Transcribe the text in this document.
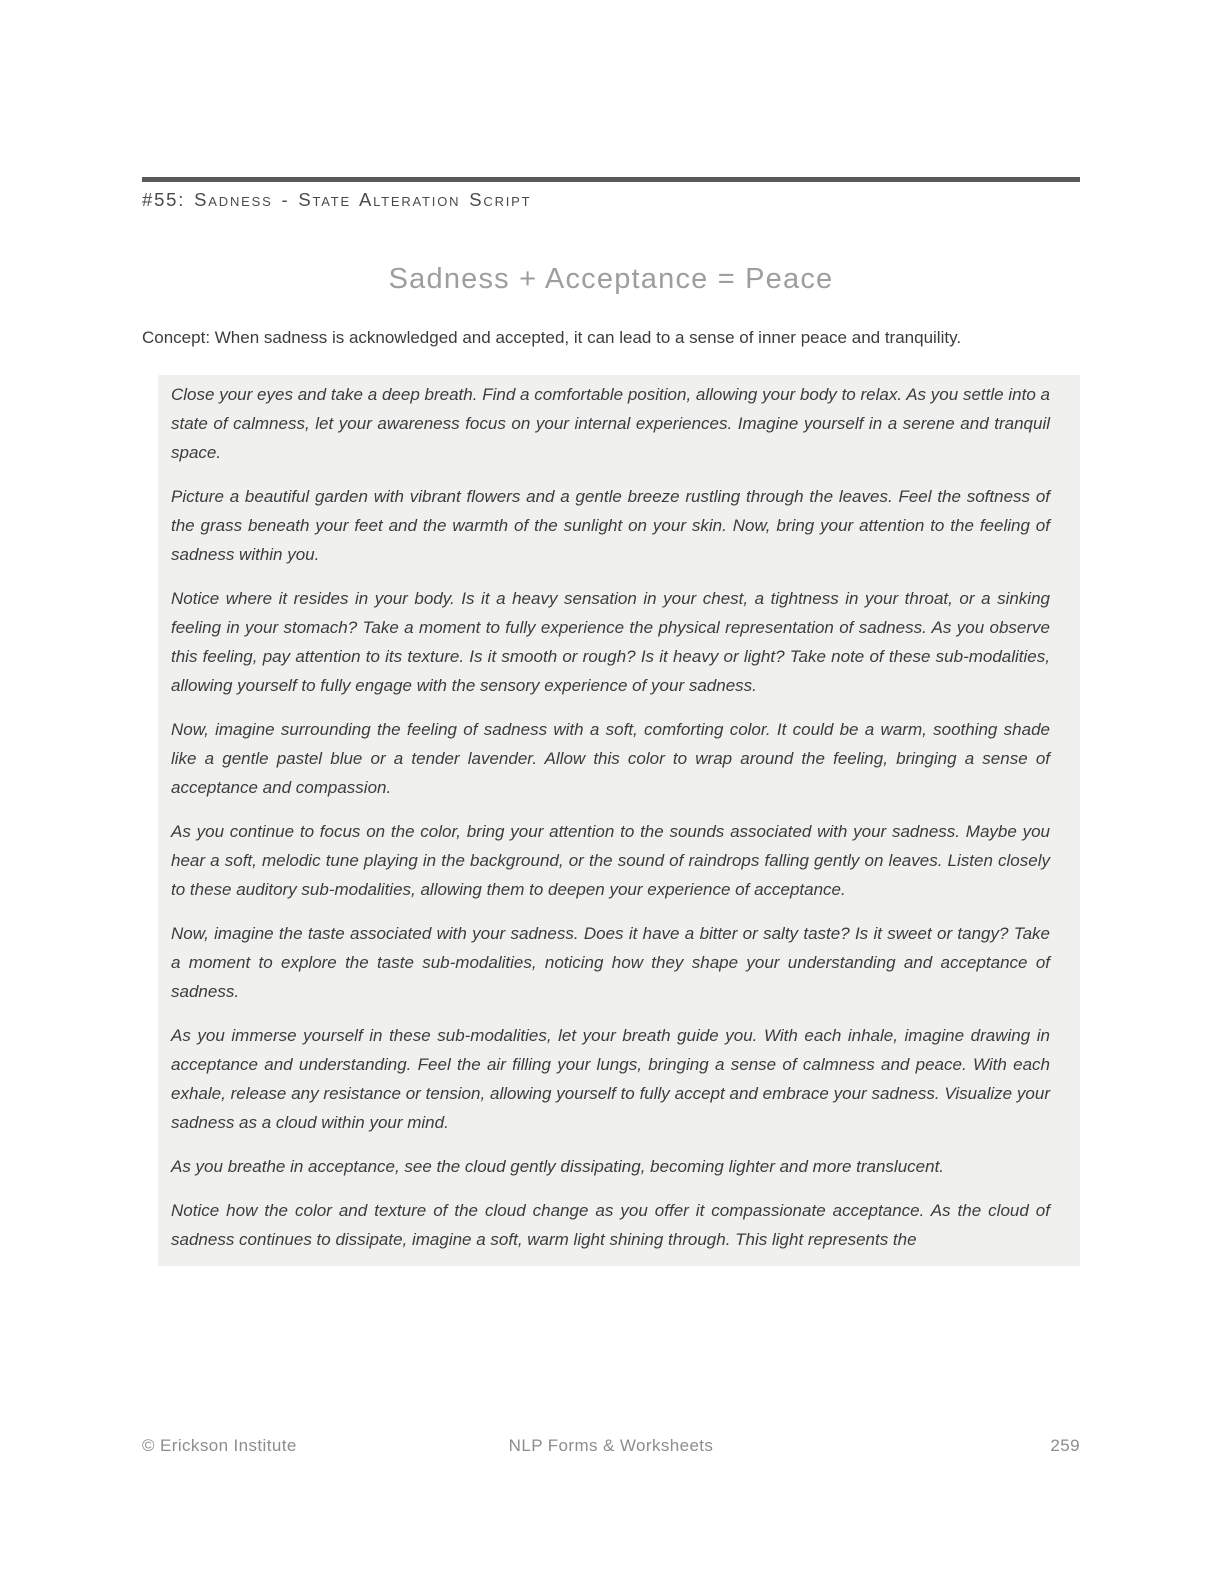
#55: Sadness - State Alteration Script
Sadness + Acceptance = Peace

Concept: When sadness is acknowledged and accepted, it can lead to a sense of inner peace and tranquility.

Close your eyes and take a deep breath. Find a comfortable position, allowing your body to relax. As you settle into a state of calmness, let your awareness focus on your internal experiences. Imagine yourself in a serene and tranquil space.

Picture a beautiful garden with vibrant flowers and a gentle breeze rustling through the leaves. Feel the softness of the grass beneath your feet and the warmth of the sunlight on your skin. Now, bring your attention to the feeling of sadness within you.

Notice where it resides in your body. Is it a heavy sensation in your chest, a tightness in your throat, or a sinking feeling in your stomach? Take a moment to fully experience the physical representation of sadness. As you observe this feeling, pay attention to its texture. Is it smooth or rough? Is it heavy or light? Take note of these sub-modalities, allowing yourself to fully engage with the sensory experience of your sadness.

Now, imagine surrounding the feeling of sadness with a soft, comforting color. It could be a warm, soothing shade like a gentle pastel blue or a tender lavender. Allow this color to wrap around the feeling, bringing a sense of acceptance and compassion.

As you continue to focus on the color, bring your attention to the sounds associated with your sadness. Maybe you hear a soft, melodic tune playing in the background, or the sound of raindrops falling gently on leaves. Listen closely to these auditory sub-modalities, allowing them to deepen your experience of acceptance.

Now, imagine the taste associated with your sadness. Does it have a bitter or salty taste? Is it sweet or tangy? Take a moment to explore the taste sub-modalities, noticing how they shape your understanding and acceptance of sadness.

As you immerse yourself in these sub-modalities, let your breath guide you. With each inhale, imagine drawing in acceptance and understanding. Feel the air filling your lungs, bringing a sense of calmness and peace. With each exhale, release any resistance or tension, allowing yourself to fully accept and embrace your sadness. Visualize your sadness as a cloud within your mind.

As you breathe in acceptance, see the cloud gently dissipating, becoming lighter and more translucent.

Notice how the color and texture of the cloud change as you offer it compassionate acceptance. As the cloud of sadness continues to dissipate, imagine a soft, warm light shining through. This light represents the

© Erickson Institute	NLP Forms & Worksheets	259
